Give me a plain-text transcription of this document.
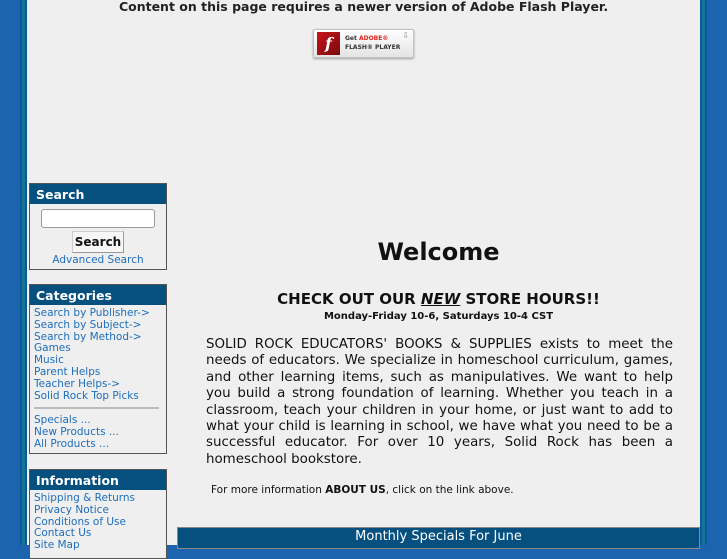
Content on this page requires a newer version of Adobe Flash Player.
f	Get ADOBE®
FLASH® PLAYER
⇩
Search
Search
Advanced Search
Categories
Search by Publisher->
Search by Subject->
Search by Method->
Games
Music
Parent Helps
Teacher Helps->
Solid Rock Top Picks
Specials ...
New Products ...
All Products ...
Information
Shipping & Returns
Privacy Notice
Conditions of Use
Contact Us
Site Map
Welcome
CHECK OUT OUR NEW STORE HOURS!!
Monday-Friday 10-6, Saturdays 10-4 CST
SOLID ROCK EDUCATORS' BOOKS & SUPPLIES exists to meet the needs of educators. We specialize in homeschool curriculum, games, and other learning items, such as manipulatives. We want to help you build a strong foundation of learning. Whether you teach in a classroom, teach your children in your home, or just want to add to what your child is learning in school, we have what you need to be a successful educator. For over 10 years, Solid Rock has been a homeschool bookstore.
For more information ABOUT US, click on the link above.
Monthly Specials For June
